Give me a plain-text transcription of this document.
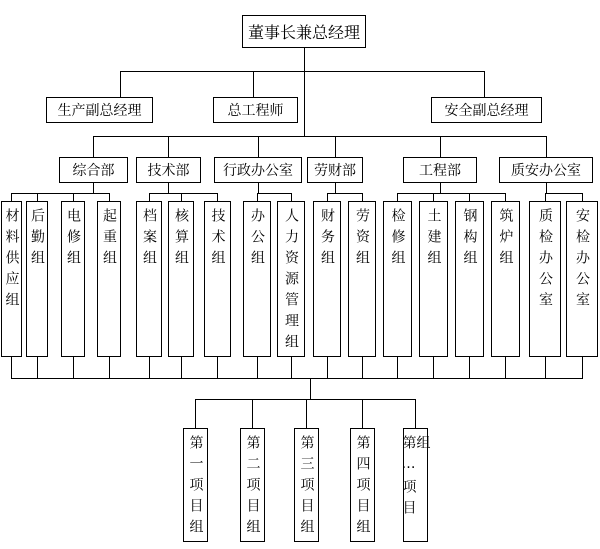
董事长兼总经理
生产副总经理	总工程师	安全副总经理
综合部 技术部 行政办公室 劳财部	工程部	质安办公室
材料供应组 后勤组 电修组 起重组 档案组 核算组 技术组 办公组 人力资源管理组 财务组 劳资组 检修组 土建组 钢构组 筑炉组 质检办公室 安检办公室
第一项目组	第二项目组	第三项目组	第四项目组 第…项目组
